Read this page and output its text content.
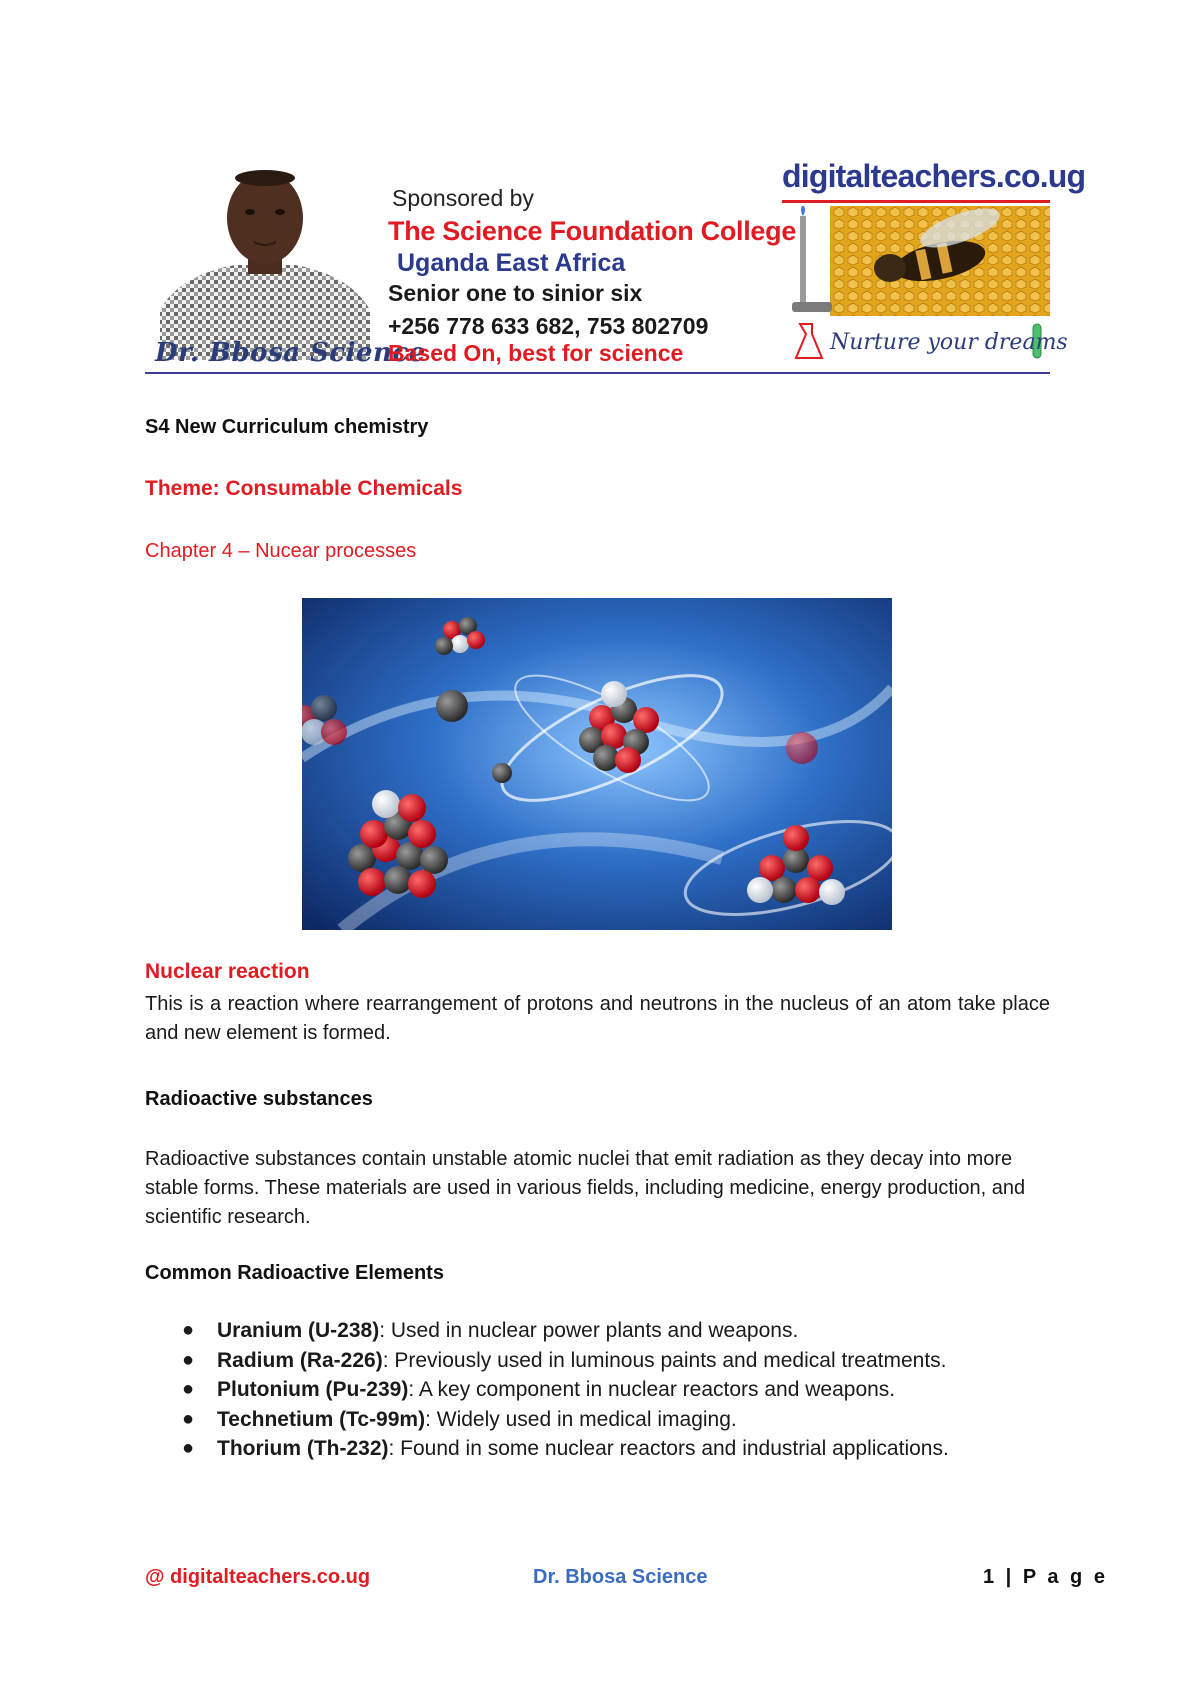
Dr. Bbosa Science
Sponsored by
The Science Foundation College
Uganda East Africa
Senior one to sinior six
+256 778 633 682, 753 802709
Based On, best for science
digitalteachers.co.ug
Nurture your dreams
S4 New Curriculum chemistry
Theme: Consumable Chemicals
Chapter 4 – Nucear processes
Nuclear reaction
This is a reaction where rearrangement of protons and neutrons in the nucleus of an atom take place and new element is formed.
Radioactive substances
Radioactive substances contain unstable atomic nuclei that emit radiation as they decay into more stable forms. These materials are used in various fields, including medicine, energy production, and scientific research.
Common Radioactive Elements
● Uranium (U-238): Used in nuclear power plants and weapons.
● Radium (Ra-226): Previously used in luminous paints and medical treatments.
● Plutonium (Pu-239): A key component in nuclear reactors and weapons.
● Technetium (Tc-99m): Widely used in medical imaging.
● Thorium (Th-232): Found in some nuclear reactors and industrial applications.
@ digitalteachers.co.ug	Dr. Bbosa Science	1 | P a g e
